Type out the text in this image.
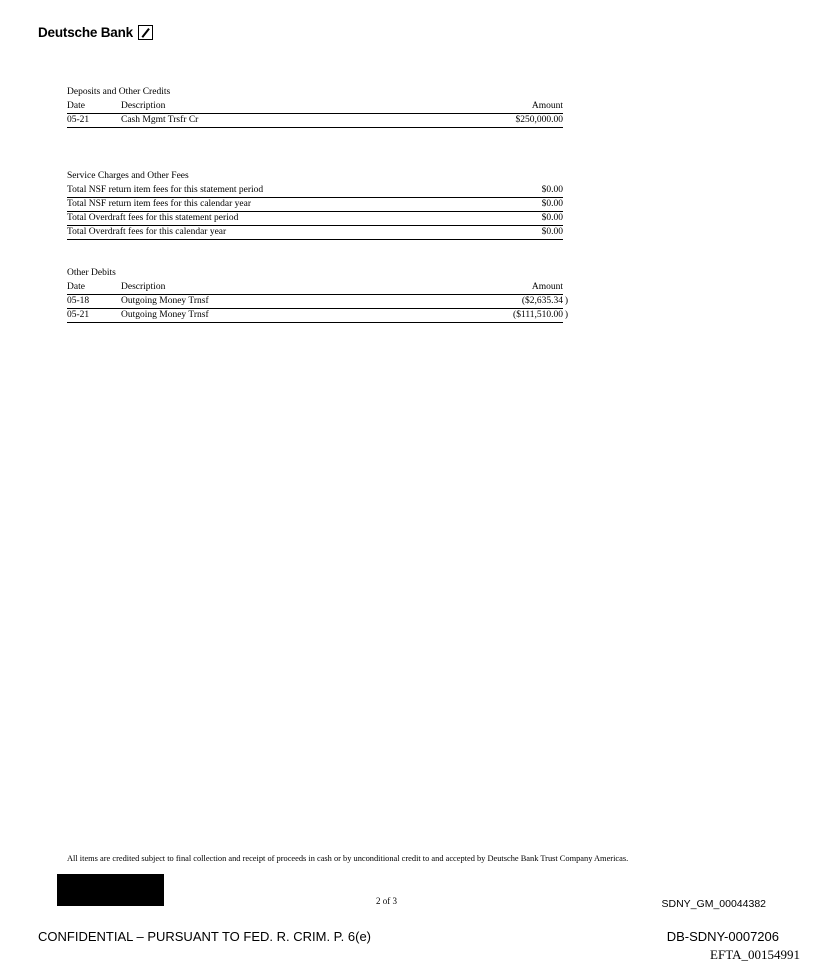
Deutsche Bank
Deposits and Other Credits
Date	Description	Amount
05-21	Cash Mgmt Trsfr Cr	$250,000.00
Service Charges and Other Fees
Total NSF return item fees for this statement period	$0.00
Total NSF return item fees for this calendar year	$0.00
Total Overdraft fees for this statement period	$0.00
Total Overdraft fees for this calendar year	$0.00
Other Debits
Date	Description	Amount
05-18	Outgoing Money Trnsf	($2,635.34 )
05-21	Outgoing Money Trnsf	($111,510.00 )
All items are credited subject to final collection and receipt of proceeds in cash or by unconditional credit to and accepted by Deutsche Bank Trust Company Americas.
2 of 3	SDNY_GM_00044382
CONFIDENTIAL – PURSUANT TO FED. R. CRIM. P. 6(e)	DB-SDNY-0007206
EFTA_00154991
